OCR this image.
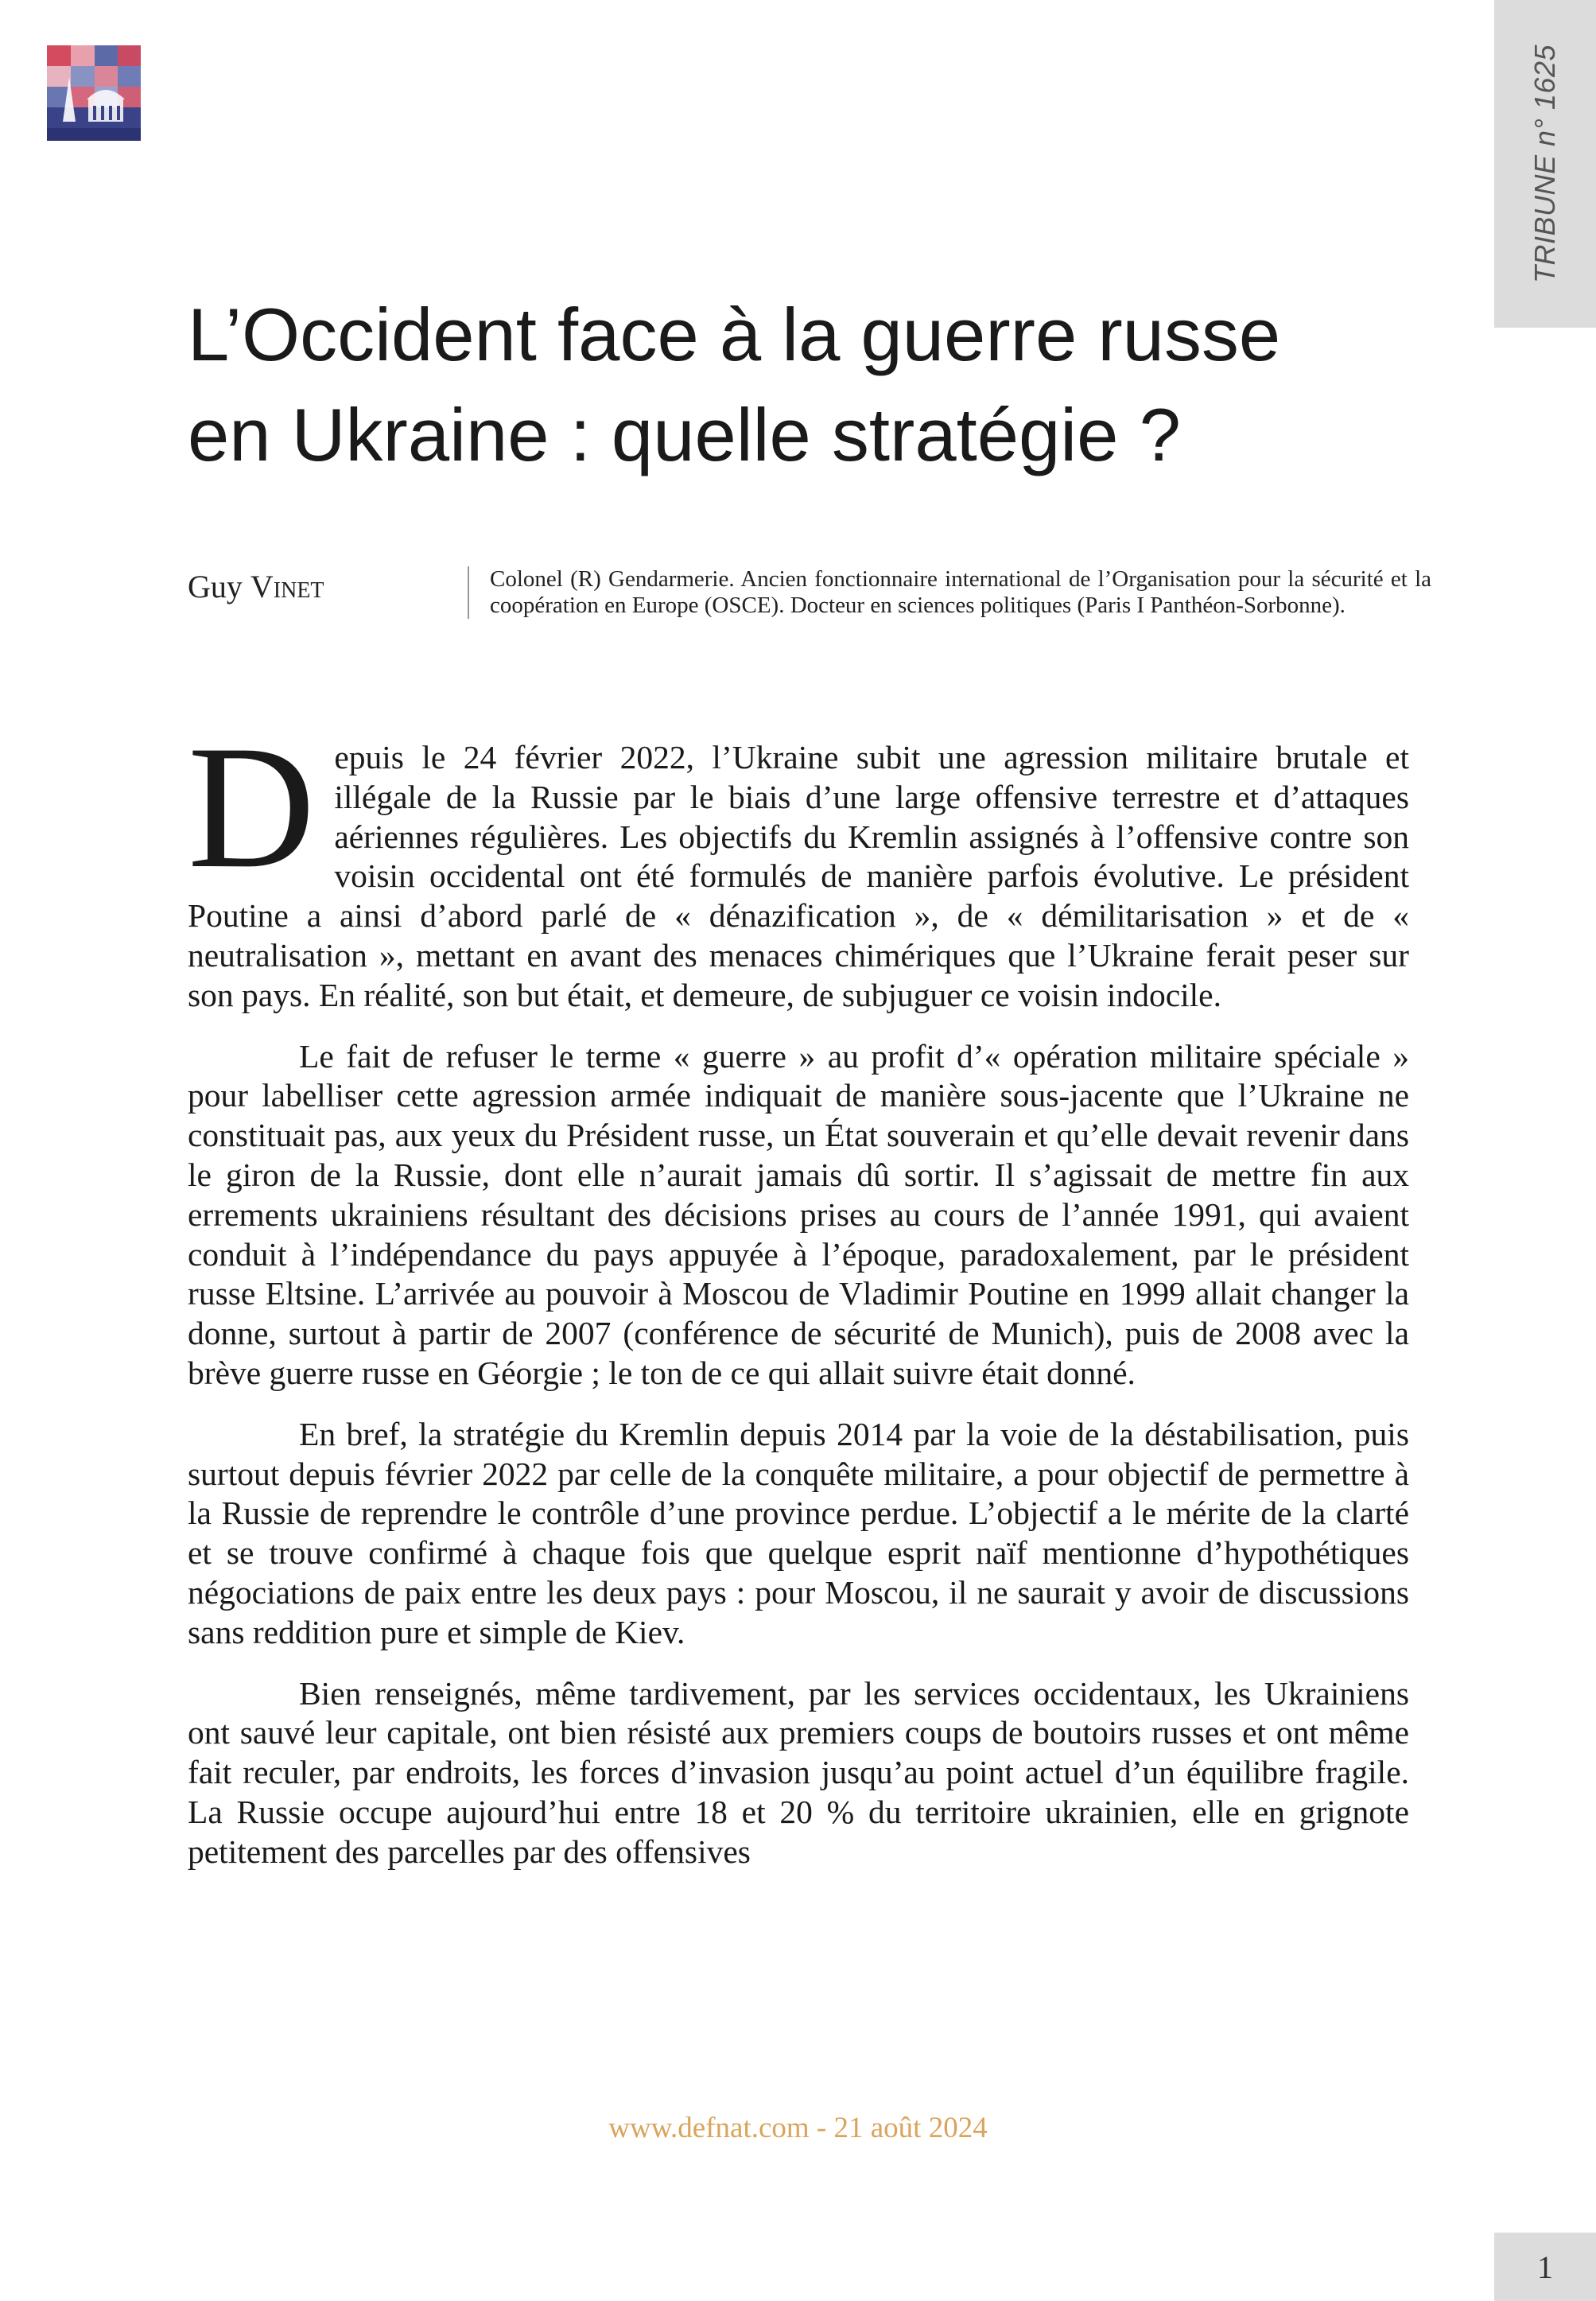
TRIBUNE n° 1625
L’Occident face à la guerre russe
en Ukraine : quelle stratégie ?
Guy Vinet	Colonel (R) Gendarmerie. Ancien fonctionnaire international de l’Organisation pour la sécurité et la coopération en Europe (OSCE). Docteur en sciences politiques (Paris I Panthéon-Sorbonne).

Depuis le 24 février 2022, l’Ukraine subit une agression militaire brutale et illégale de la Russie par le biais d’une large offensive terrestre et d’attaques aériennes régulières. Les objectifs du Kremlin assignés à l’offensive contre son voisin occidental ont été formulés de manière parfois évolutive. Le président Poutine a ainsi d’abord parlé de « dénazification », de « démilitarisation » et de « neutralisation », mettant en avant des menaces chimériques que l’Ukraine ferait peser sur son pays. En réalité, son but était, et demeure, de subjuguer ce voisin indocile.

Le fait de refuser le terme « guerre » au profit d’« opération militaire spéciale » pour labelliser cette agression armée indiquait de manière sous-jacente que l’Ukraine ne constituait pas, aux yeux du Président russe, un État souverain et qu’elle devait revenir dans le giron de la Russie, dont elle n’aurait jamais dû sortir. Il s’agissait de mettre fin aux errements ukrainiens résultant des décisions prises au cours de l’année 1991, qui avaient conduit à l’indépendance du pays appuyée à l’époque, paradoxalement, par le président russe Eltsine. L’arrivée au pouvoir à Moscou de Vladimir Poutine en 1999 allait changer la donne, surtout à partir de 2007 (conférence de sécurité de Munich), puis de 2008 avec la brève guerre russe en Géorgie ; le ton de ce qui allait suivre était donné.

En bref, la stratégie du Kremlin depuis 2014 par la voie de la déstabilisation, puis surtout depuis février 2022 par celle de la conquête militaire, a pour objectif de permettre à la Russie de reprendre le contrôle d’une province perdue. L’objectif a le mérite de la clarté et se trouve confirmé à chaque fois que quelque esprit naïf mentionne d’hypothétiques négociations de paix entre les deux pays : pour Moscou, il ne saurait y avoir de discussions sans reddition pure et simple de Kiev.

Bien renseignés, même tardivement, par les services occidentaux, les Ukrainiens ont sauvé leur capitale, ont bien résisté aux premiers coups de boutoirs russes et ont même fait reculer, par endroits, les forces d’invasion jusqu’au point actuel d’un équilibre fragile. La Russie occupe aujourd’hui entre 18 et 20 % du territoire ukrainien, elle en grignote petitement des parcelles par des offensives

www.defnat.com - 21 août 2024
1
